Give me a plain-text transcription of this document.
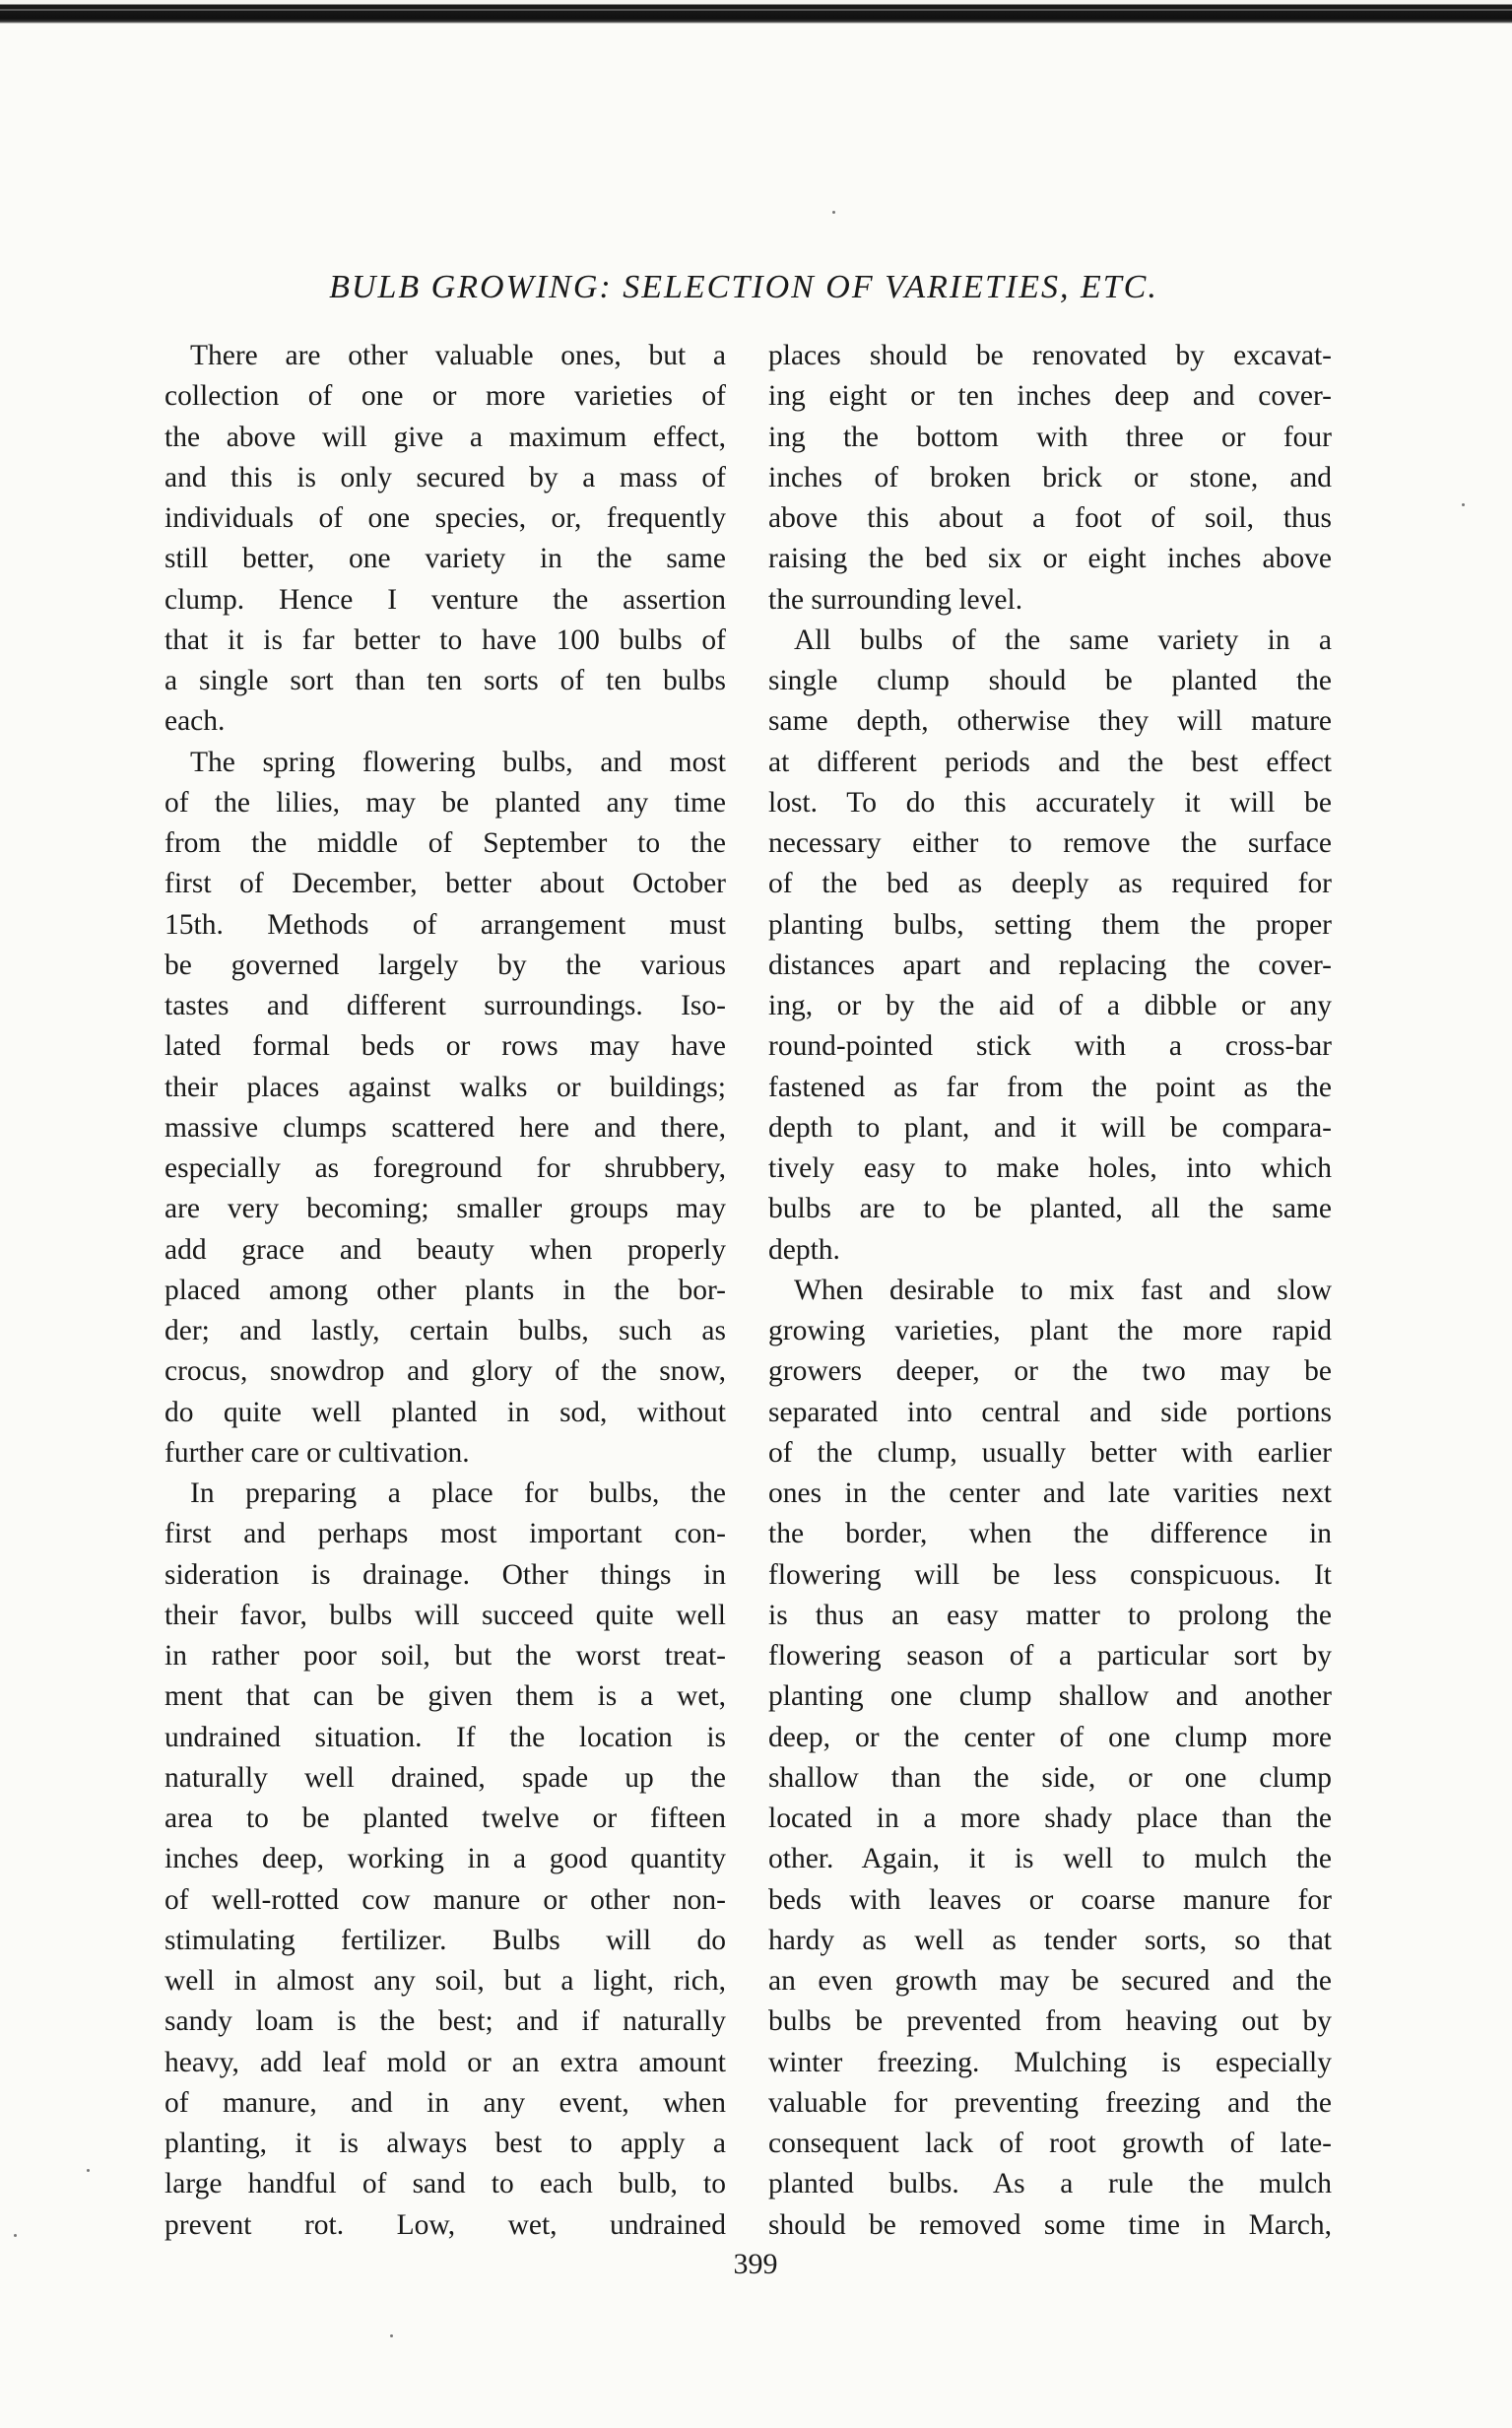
BULB GROWING: SELECTION OF VARIETIES, ETC.
There are other valuable ones, but a
collection of one or more varieties of
the above will give a maximum effect,
and this is only secured by a mass of
individuals of one species, or, frequently
still better, one variety in the same
clump. Hence I venture the assertion
that it is far better to have 100 bulbs of
a single sort than ten sorts of ten bulbs
each.
The spring flowering bulbs, and most
of the lilies, may be planted any time
from the middle of September to the
first of December, better about October
15th. Methods of arrangement must
be governed largely by the various
tastes and different surroundings. Iso-
lated formal beds or rows may have
their places against walks or buildings;
massive clumps scattered here and there,
especially as foreground for shrubbery,
are very becoming; smaller groups may
add grace and beauty when properly
placed among other plants in the bor-
der; and lastly, certain bulbs, such as
crocus, snowdrop and glory of the snow,
do quite well planted in sod, without
further care or cultivation.
In preparing a place for bulbs, the
first and perhaps most important con-
sideration is drainage. Other things in
their favor, bulbs will succeed quite well
in rather poor soil, but the worst treat-
ment that can be given them is a wet,
undrained situation. If the location is
naturally well drained, spade up the
area to be planted twelve or fifteen
inches deep, working in a good quantity
of well-rotted cow manure or other non-
stimulating fertilizer. Bulbs will do
well in almost any soil, but a light, rich,
sandy loam is the best; and if naturally
heavy, add leaf mold or an extra amount
of manure, and in any event, when
planting, it is always best to apply a
large handful of sand to each bulb, to
prevent rot. Low, wet, undrained
places should be renovated by excavat-
ing eight or ten inches deep and cover-
ing the bottom with three or four
inches of broken brick or stone, and
above this about a foot of soil, thus
raising the bed six or eight inches above
the surrounding level.
All bulbs of the same variety in a
single clump should be planted the
same depth, otherwise they will mature
at different periods and the best effect
lost. To do this accurately it will be
necessary either to remove the surface
of the bed as deeply as required for
planting bulbs, setting them the proper
distances apart and replacing the cover-
ing, or by the aid of a dibble or any
round-pointed stick with a cross-bar
fastened as far from the point as the
depth to plant, and it will be compara-
tively easy to make holes, into which
bulbs are to be planted, all the same
depth.
When desirable to mix fast and slow
growing varieties, plant the more rapid
growers deeper, or the two may be
separated into central and side portions
of the clump, usually better with earlier
ones in the center and late varities next
the border, when the difference in
flowering will be less conspicuous. It
is thus an easy matter to prolong the
flowering season of a particular sort by
planting one clump shallow and another
deep, or the center of one clump more
shallow than the side, or one clump
located in a more shady place than the
other. Again, it is well to mulch the
beds with leaves or coarse manure for
hardy as well as tender sorts, so that
an even growth may be secured and the
bulbs be prevented from heaving out by
winter freezing. Mulching is especially
valuable for preventing freezing and the
consequent lack of root growth of late-
planted bulbs. As a rule the mulch
should be removed some time in March,
399
